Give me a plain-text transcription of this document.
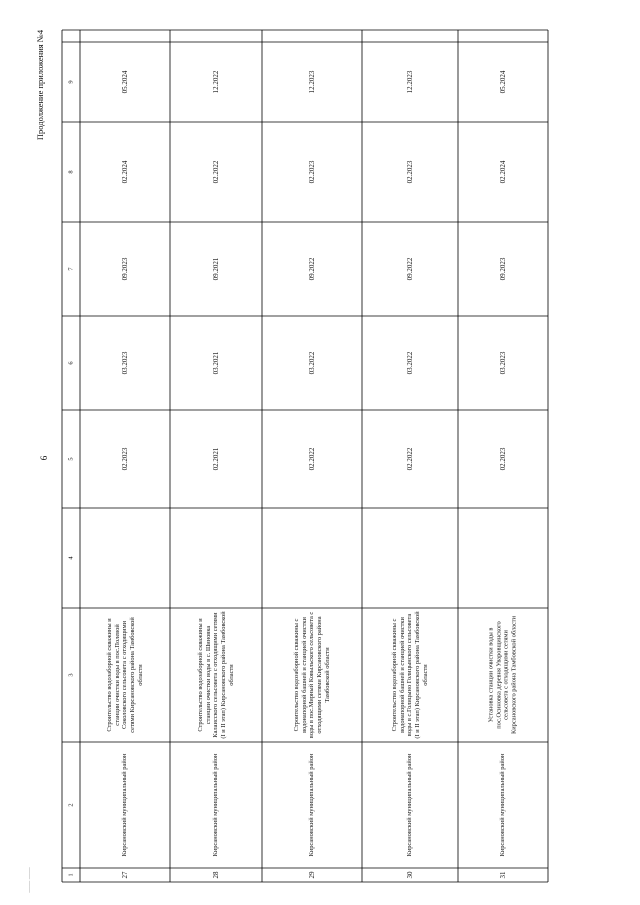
6
—— ——
Продолжение приложения №4
1
2
3
4
5
6
7
8
9
27
Кирсановский муниципальный район
Строительство водозаборной скважины и станции очистки воды в пос.Полевой Соколовского сельсовета с отходящими сетями Кирсановского района Тамбовской области
02.2023
03.2023
09.2023
02.2024
05.2024
28
Кирсановский муниципальный район
Строительство водозаборной скважины и станции очистки воды в с. Шиновка Калаисского сельсовета с отходящими сетями (I и II этап) Кирсановского района Тамбовской области
02.2021
03.2021
09.2021
02.2022
12.2022
29
Кирсановский муниципальный район
Строительство водозаборной скважины с водонапорной башней и станцией очистки воды в пос.Мирный Ковыльского сельсовета с отходящими сетями Кирсановского района Тамбовской области
02.2022
03.2022
09.2022
02.2023
12.2023
30
Кирсановский муниципальный район
Строительство водозаборной скважины с водонапорной башней и станцией очистки воды в с.Голицыно Голицынского сельсовета (I и II этап) Кирсановского района Тамбовской области
02.2022
03.2022
09.2022
02.2023
12.2023
31
Кирсановский муниципальный район
Установка станции очистки воды в пос.Осиновка деревня Уваровщинского сельсовета с отходящими сетями Кирсановского района Тамбовской области
02.2023
03.2023
09.2023
02.2024
05.2024
